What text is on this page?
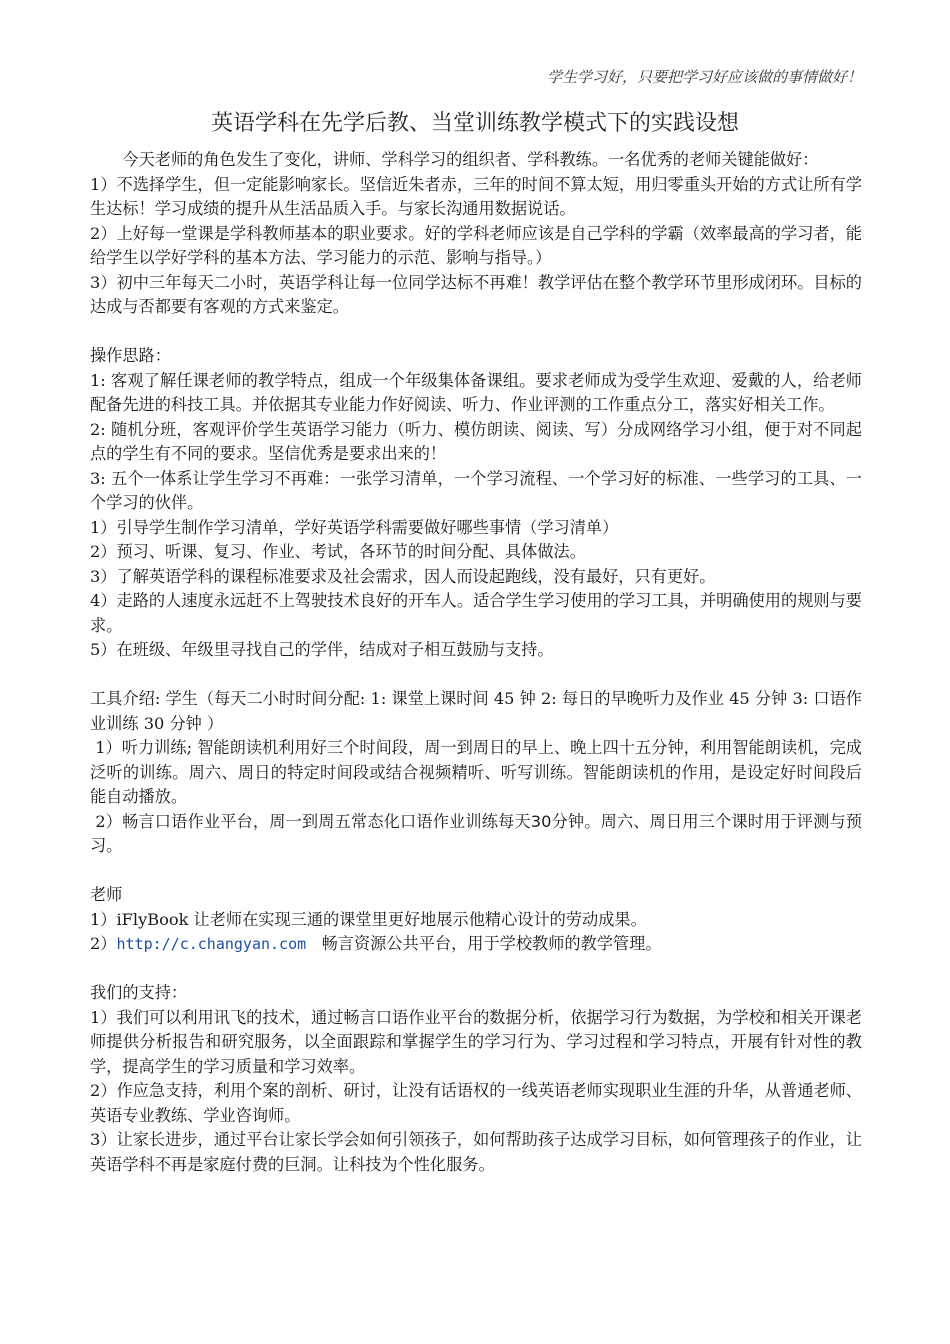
学生学习好，只要把学习好应该做的事情做好！
英语学科在先学后教、当堂训练教学模式下的实践设想

今天老师的角色发生了变化，讲师、学科学习的组织者、学科教练。一名优秀的老师关键能做好：

1）不选择学生，但一定能影响家长。坚信近朱者赤，三年的时间不算太短，用归零重头开始的方式让所有学生达标！学习成绩的提升从生活品质入手。与家长沟通用数据说话。

2）上好每一堂课是学科教师基本的职业要求。好的学科老师应该是自己学科的学霸（效率最高的学习者，能给学生以学好学科的基本方法、学习能力的示范、影响与指导。）

3）初中三年每天二小时，英语学科让每一位同学达标不再难！教学评估在整个教学环节里形成闭环。目标的达成与否都要有客观的方式来鉴定。

操作思路：

1: 客观了解任课老师的教学特点，组成一个年级集体备课组。要求老师成为受学生欢迎、爱戴的人，给老师配备先进的科技工具。并依据其专业能力作好阅读、听力、作业评测的工作重点分工，落实好相关工作。

2: 随机分班，客观评价学生英语学习能力（听力、模仿朗读、阅读、写）分成网络学习小组，便于对不同起点的学生有不同的要求。坚信优秀是要求出来的！

3: 五个一体系让学生学习不再难：一张学习清单，一个学习流程、一个学习好的标准、一些学习的工具、一个学习的伙伴。

1）引导学生制作学习清单，学好英语学科需要做好哪些事情（学习清单）

2）预习、听课、复习、作业、考试，各环节的时间分配、具体做法。

3）了解英语学科的课程标准要求及社会需求，因人而设起跑线，没有最好，只有更好。

4）走路的人速度永远赶不上驾驶技术良好的开车人。适合学生学习使用的学习工具，并明确使用的规则与要求。

5）在班级、年级里寻找自己的学伴，结成对子相互鼓励与支持。

工具介绍: 学生（每天二小时时间分配: 1: 课堂上课时间 45 钟 2: 每日的早晚听力及作业 45 分钟 3: 口语作业训练 30 分钟 ）

1）听力训练; 智能朗读机利用好三个时间段，周一到周日的早上、晚上四十五分钟，利用智能朗读机，完成泛听的训练。周六、周日的特定时间段或结合视频精听、听写训练。智能朗读机的作用，是设定好时间段后能自动播放。

2）畅言口语作业平台，周一到周五常态化口语作业训练每天30分钟。周六、周日用三个课时用于评测与预习。

老师

1）iFlyBook 让老师在实现三通的课堂里更好地展示他精心设计的劳动成果。

2）http://c.changyan.com 畅言资源公共平台，用于学校教师的教学管理。

我们的支持：

1）我们可以利用讯飞的技术，通过畅言口语作业平台的数据分析，依据学习行为数据，为学校和相关开课老师提供分析报告和研究服务，以全面跟踪和掌握学生的学习行为、学习过程和学习特点，开展有针对性的教学，提高学生的学习质量和学习效率。

2）作应急支持，利用个案的剖析、研讨，让没有话语权的一线英语老师实现职业生涯的升华，从普通老师、英语专业教练、学业咨询师。

3）让家长进步，通过平台让家长学会如何引领孩子，如何帮助孩子达成学习目标，如何管理孩子的作业，让英语学科不再是家庭付费的巨洞。让科技为个性化服务。
